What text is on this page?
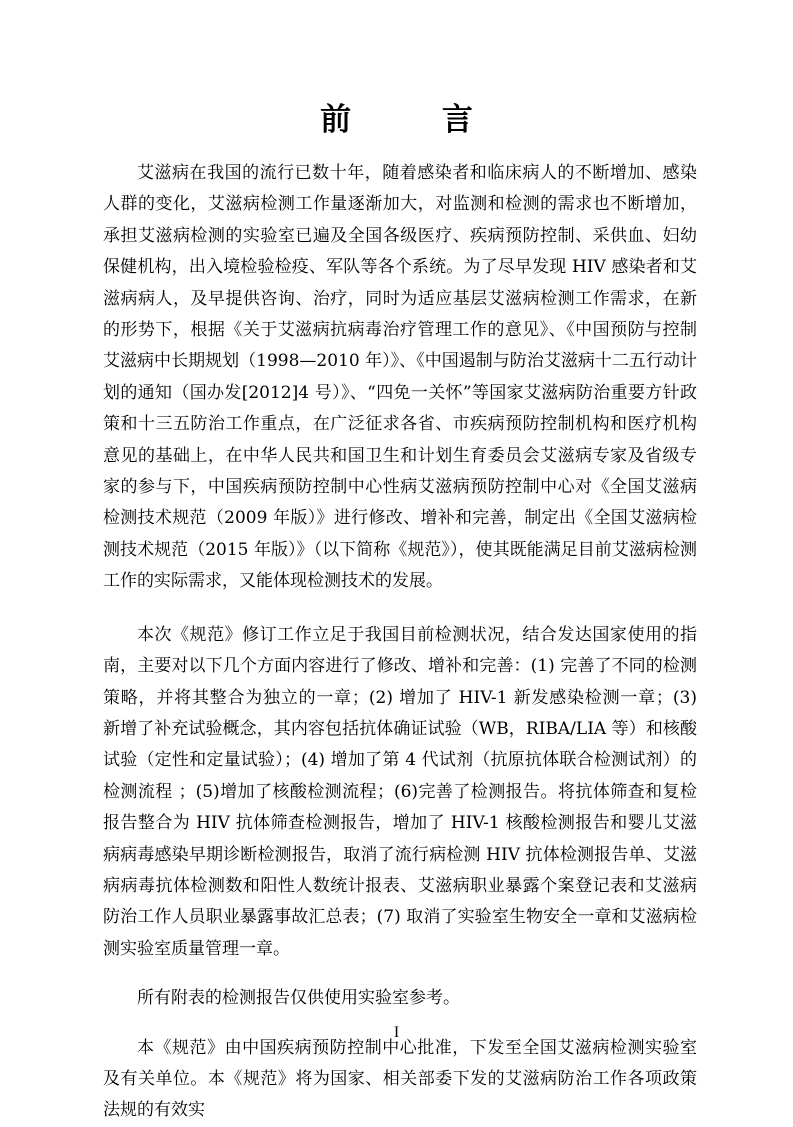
前 言

艾滋病在我国的流行已数十年，随着感染者和临床病人的不断增加、感染人群的变化，艾滋病检测工作量逐渐加大，对监测和检测的需求也不断增加，承担艾滋病检测的实验室已遍及全国各级医疗、疾病预防控制、采供血、妇幼保健机构，出入境检验检疫、军队等各个系统。为了尽早发现 HIV 感染者和艾滋病病人，及早提供咨询、治疗，同时为适应基层艾滋病检测工作需求，在新的形势下，根据《关于艾滋病抗病毒治疗管理工作的意见》、《中国预防与控制艾滋病中长期规划（1998—2010 年）》、《中国遏制与防治艾滋病十二五行动计划的通知（国办发[2012]4 号）》、“四免一关怀”等国家艾滋病防治重要方针政策和十三五防治工作重点，在广泛征求各省、市疾病预防控制机构和医疗机构意见的基础上，在中华人民共和国卫生和计划生育委员会艾滋病专家及省级专家的参与下，中国疾病预防控制中心性病艾滋病预防控制中心对《全国艾滋病检测技术规范（2009 年版）》进行修改、增补和完善，制定出《全国艾滋病检测技术规范（2015 年版）》（以下简称《规范》），使其既能满足目前艾滋病检测工作的实际需求，又能体现检测技术的发展。

本次《规范》修订工作立足于我国目前检测状况，结合发达国家使用的指南，主要对以下几个方面内容进行了修改、增补和完善：(1) 完善了不同的检测策略，并将其整合为独立的一章；(2) 增加了 HIV-1 新发感染检测一章；(3) 新增了补充试验概念，其内容包括抗体确证试验（WB，RIBA/LIA 等）和核酸试验（定性和定量试验）；(4) 增加了第 4 代试剂（抗原抗体联合检测试剂）的检测流程 ；(5)增加了核酸检测流程；(6)完善了检测报告。将抗体筛查和复检报告整合为 HIV 抗体筛查检测报告，增加了 HIV-1 核酸检测报告和婴儿艾滋病病毒感染早期诊断检测报告，取消了流行病检测 HIV 抗体检测报告单、艾滋病病毒抗体检测数和阳性人数统计报表、艾滋病职业暴露个案登记表和艾滋病防治工作人员职业暴露事故汇总表；(7) 取消了实验室生物安全一章和艾滋病检测实验室质量管理一章。

所有附表的检测报告仅供使用实验室参考。

本《规范》由中国疾病预防控制中心批准，下发至全国艾滋病检测实验室及有关单位。本《规范》将为国家、相关部委下发的艾滋病防治工作各项政策法规的有效实

I
